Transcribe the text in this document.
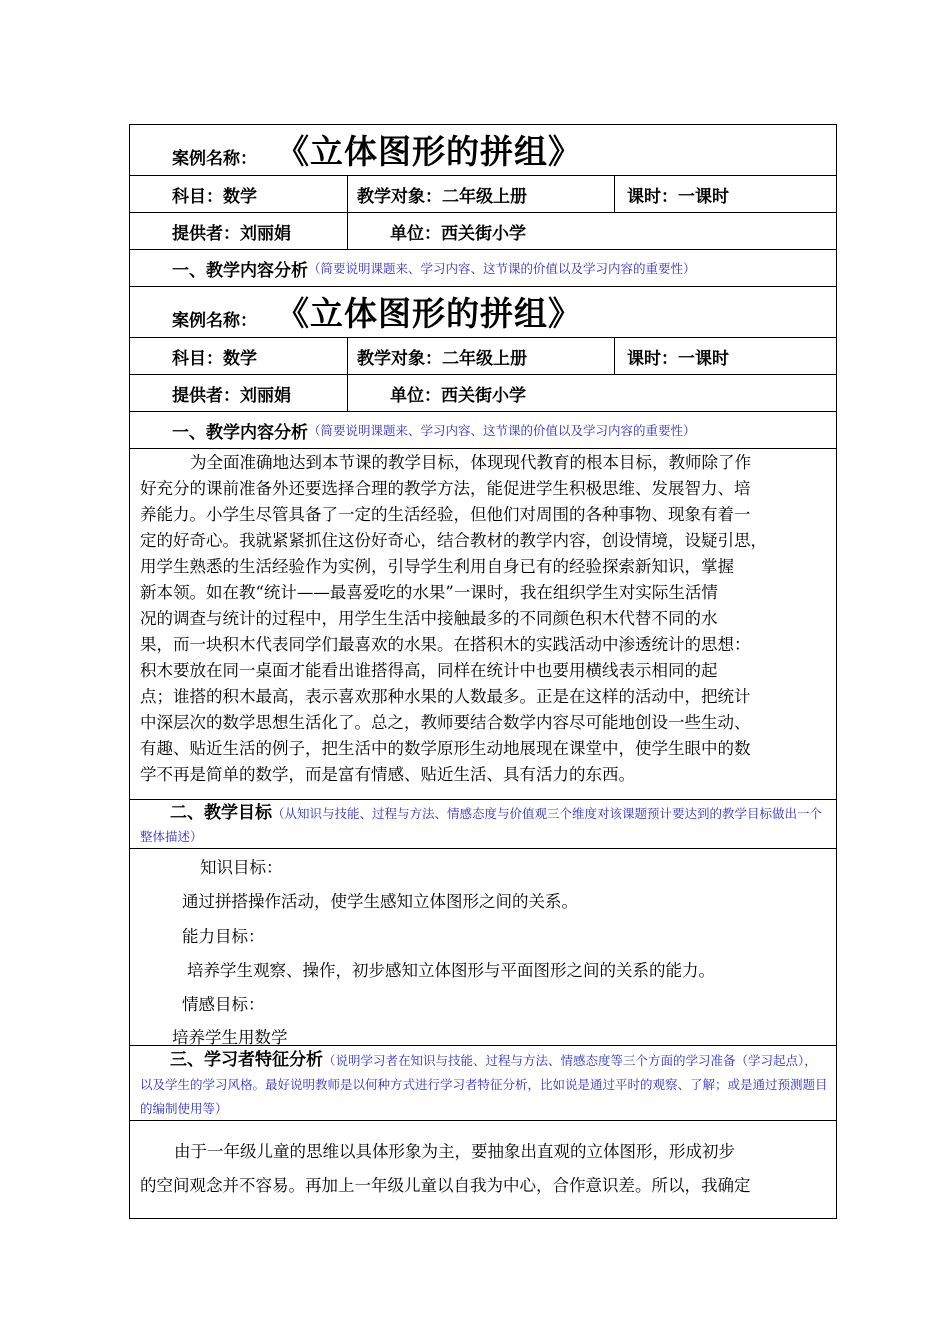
案例名称： 《立体图形的拼组》
科目：数学	教学对象：二年级上册	课时：一课时
提供者：刘丽娟	单位：西关街小学
一、教学内容分析 （简要说明课题来、学习内容、这节课的价值以及学习内容的重要性）
案例名称： 《立体图形的拼组》
科目：数学	教学对象：二年级上册	课时：一课时
提供者：刘丽娟	单位：西关街小学
一、教学内容分析 （简要说明课题来、学习内容、这节课的价值以及学习内容的重要性）
为全面准确地达到本节课的教学目标，体现现代教育的根本目标，教师除了作
好充分的课前准备外还要选择合理的教学方法，能促进学生积极思维、发展智力、培
养能力。小学生尽管具备了一定的生活经验，但他们对周围的各种事物、现象有着一
定的好奇心。我就紧紧抓住这份好奇心，结合教材的教学内容，创设情境，设疑引思，
用学生熟悉的生活经验作为实例，引导学生利用自身已有的经验探索新知识，掌握
新本领。如在教“统计——最喜爱吃的水果”一课时，我在组织学生对实际生活情
况的调查与统计的过程中，用学生生活中接触最多的不同颜色积木代替不同的水
果，而一块积木代表同学们最喜欢的水果。在搭积木的实践活动中渗透统计的思想：
积木要放在同一桌面才能看出谁搭得高，同样在统计中也要用横线表示相同的起
点；谁搭的积木最高，表示喜欢那种水果的人数最多。正是在这样的活动中，把统计
中深层次的数学思想生活化了。总之，教师要结合数学内容尽可能地创设一些生动、
有趣、贴近生活的例子，把生活中的数学原形生动地展现在课堂中，使学生眼中的数
学不再是简单的数学，而是富有情感、贴近生活、具有活力的东西。
二、教学目标（从知识与技能、过程与方法、情感态度与价值观三个维度对该课题预计要达到的教学目标做出一个整体描述）
知识目标：
通过拼搭操作活动，使学生感知立体图形之间的关系。
能力目标：
培养学生观察、操作，初步感知立体图形与平面图形之间的关系的能力。
情感目标：
培养学生用数学
三、学习者特征分析（说明学习者在知识与技能、过程与方法、情感态度等三个方面的学习准备（学习起点），以及学生的学习风格。最好说明教师是以何种方式进行学习者特征分析，比如说是通过平时的观察、了解；或是通过预测题目的编制使用等）
由于一年级儿童的思维以具体形象为主，要抽象出直观的立体图形，形成初步
的空间观念并不容易。再加上一年级儿童以自我为中心，合作意识差。所以，我确定
